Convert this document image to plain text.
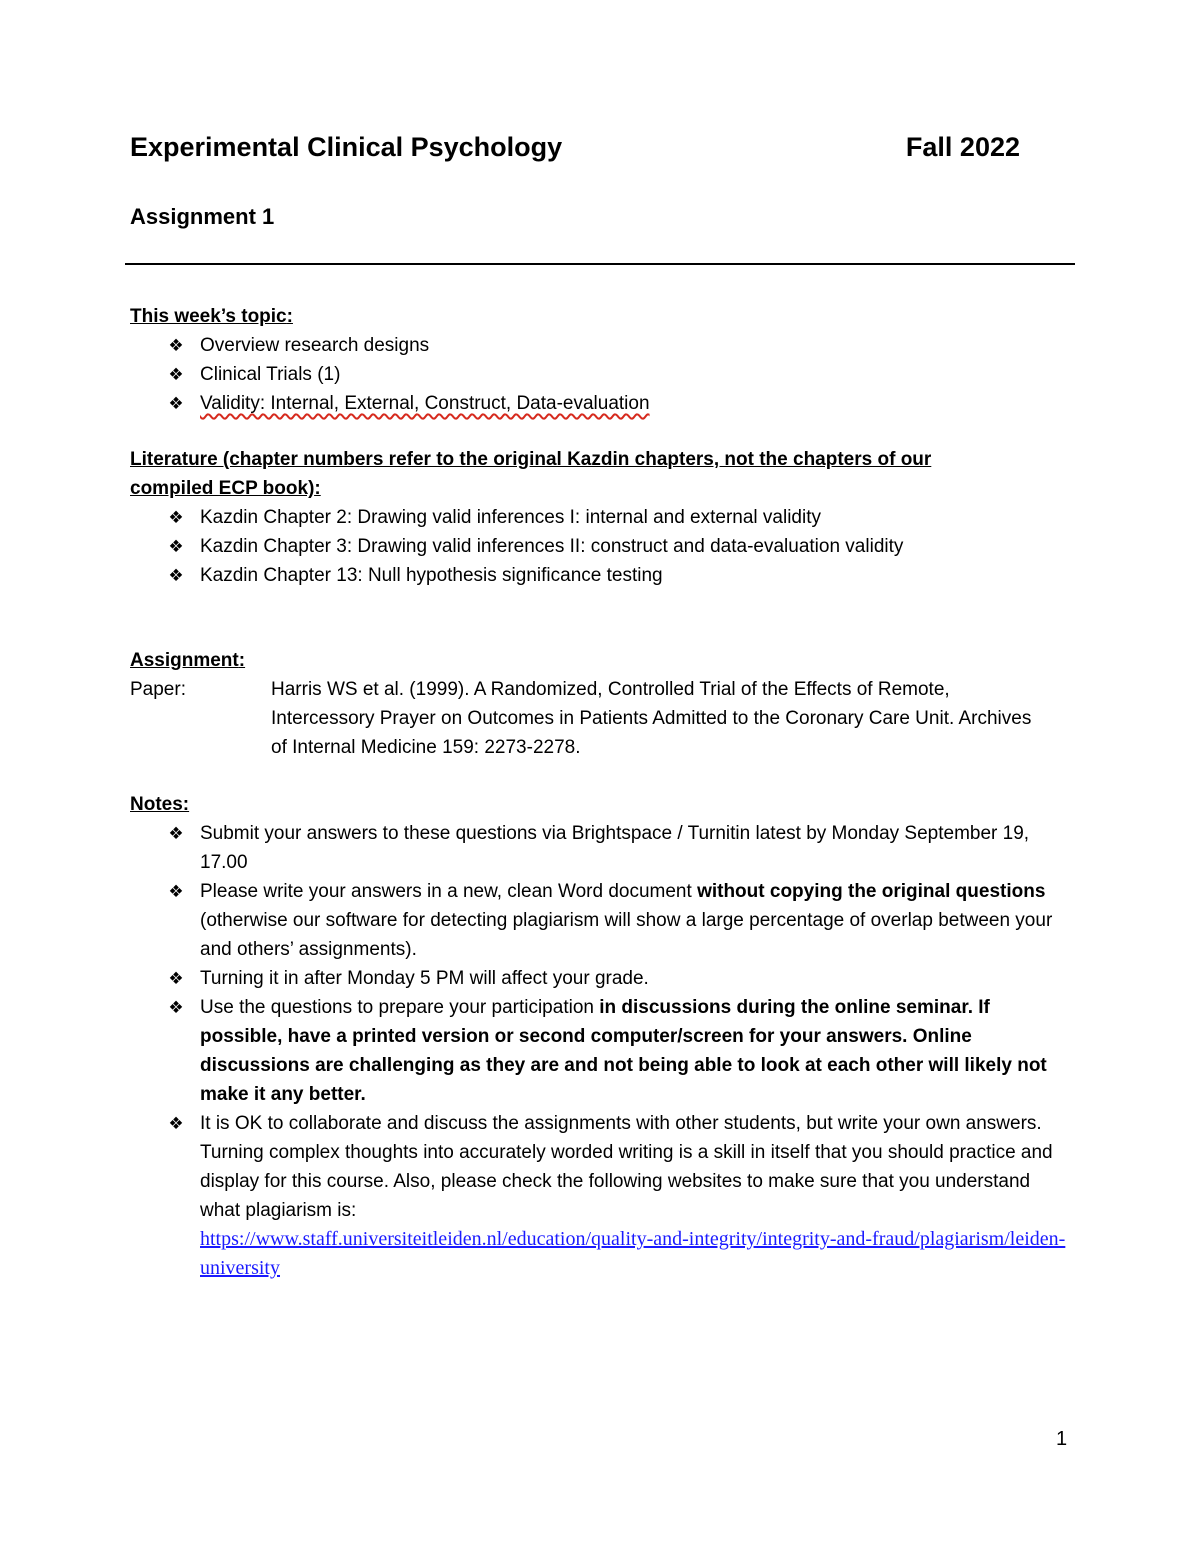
Experimental Clinical Psychology	Fall 2022
Assignment 1

This week’s topic:

❖ Overview research designs
❖ Clinical Trials (1)
❖ Validity: Internal, External, Construct, Data-evaluation

Literature (chapter numbers refer to the original Kazdin chapters, not the chapters of our compiled ECP book):

❖ Kazdin Chapter 2: Drawing valid inferences I: internal and external validity
❖ Kazdin Chapter 3: Drawing valid inferences II: construct and data-evaluation validity
❖ Kazdin Chapter 13: Null hypothesis significance testing

Assignment:

Paper:	Harris WS et al. (1999). A Randomized, Controlled Trial of the Effects of Remote, Intercessory Prayer on Outcomes in Patients Admitted to the Coronary Care Unit. Archives of Internal Medicine 159: 2273-2278.

Notes:

❖ Submit your answers to these questions via Brightspace / Turnitin latest by Monday September 19, 17.00
❖ Please write your answers in a new, clean Word document without copying the original questions (otherwise our software for detecting plagiarism will show a large percentage of overlap between your and others’ assignments).
❖ Turning it in after Monday 5 PM will affect your grade.
❖ Use the questions to prepare your participation in discussions during the online seminar. If possible, have a printed version or second computer/screen for your answers. Online discussions are challenging as they are and not being able to look at each other will likely not make it any better.
❖ It is OK to collaborate and discuss the assignments with other students, but write your own answers. Turning complex thoughts into accurately worded writing is a skill in itself that you should practice and display for this course. Also, please check the following websites to make sure that you understand what plagiarism is:
https://www.staff.universiteitleiden.nl/education/quality-and-integrity/integrity-and-fraud/plagiarism/leiden-university
1
